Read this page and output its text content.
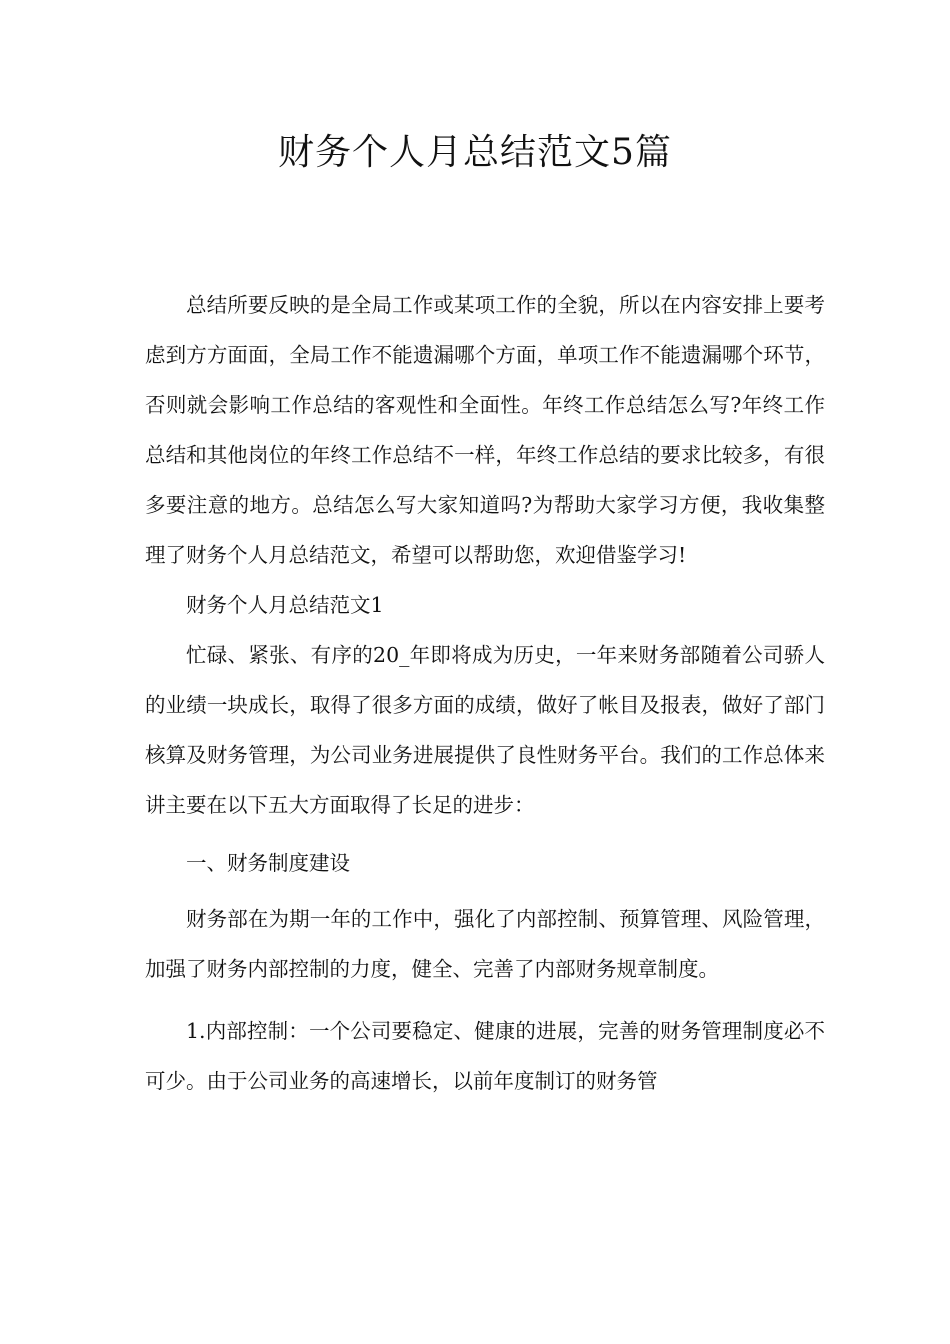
财务个人月总结范文5篇

总结所要反映的是全局工作或某项工作的全貌，所以在内容安排上要考虑到方方面面，全局工作不能遗漏哪个方面，单项工作不能遗漏哪个环节，否则就会影响工作总结的客观性和全面性。年终工作总结怎么写?年终工作总结和其他岗位的年终工作总结不一样，年终工作总结的要求比较多，有很多要注意的地方。总结怎么写大家知道吗?为帮助大家学习方便，我收集整理了财务个人月总结范文，希望可以帮助您，欢迎借鉴学习!

财务个人月总结范文1

忙碌、紧张、有序的20_年即将成为历史，一年来财务部随着公司骄人的业绩一块成长，取得了很多方面的成绩，做好了帐目及报表，做好了部门核算及财务管理，为公司业务进展提供了良性财务平台。我们的工作总体来讲主要在以下五大方面取得了长足的进步：

一、财务制度建设

财务部在为期一年的工作中，强化了内部控制、预算管理、风险管理，加强了财务内部控制的力度，健全、完善了内部财务规章制度。

1.内部控制：一个公司要稳定、健康的进展，完善的财务管理制度必不可少。由于公司业务的高速增长，以前年度制订的财务管
